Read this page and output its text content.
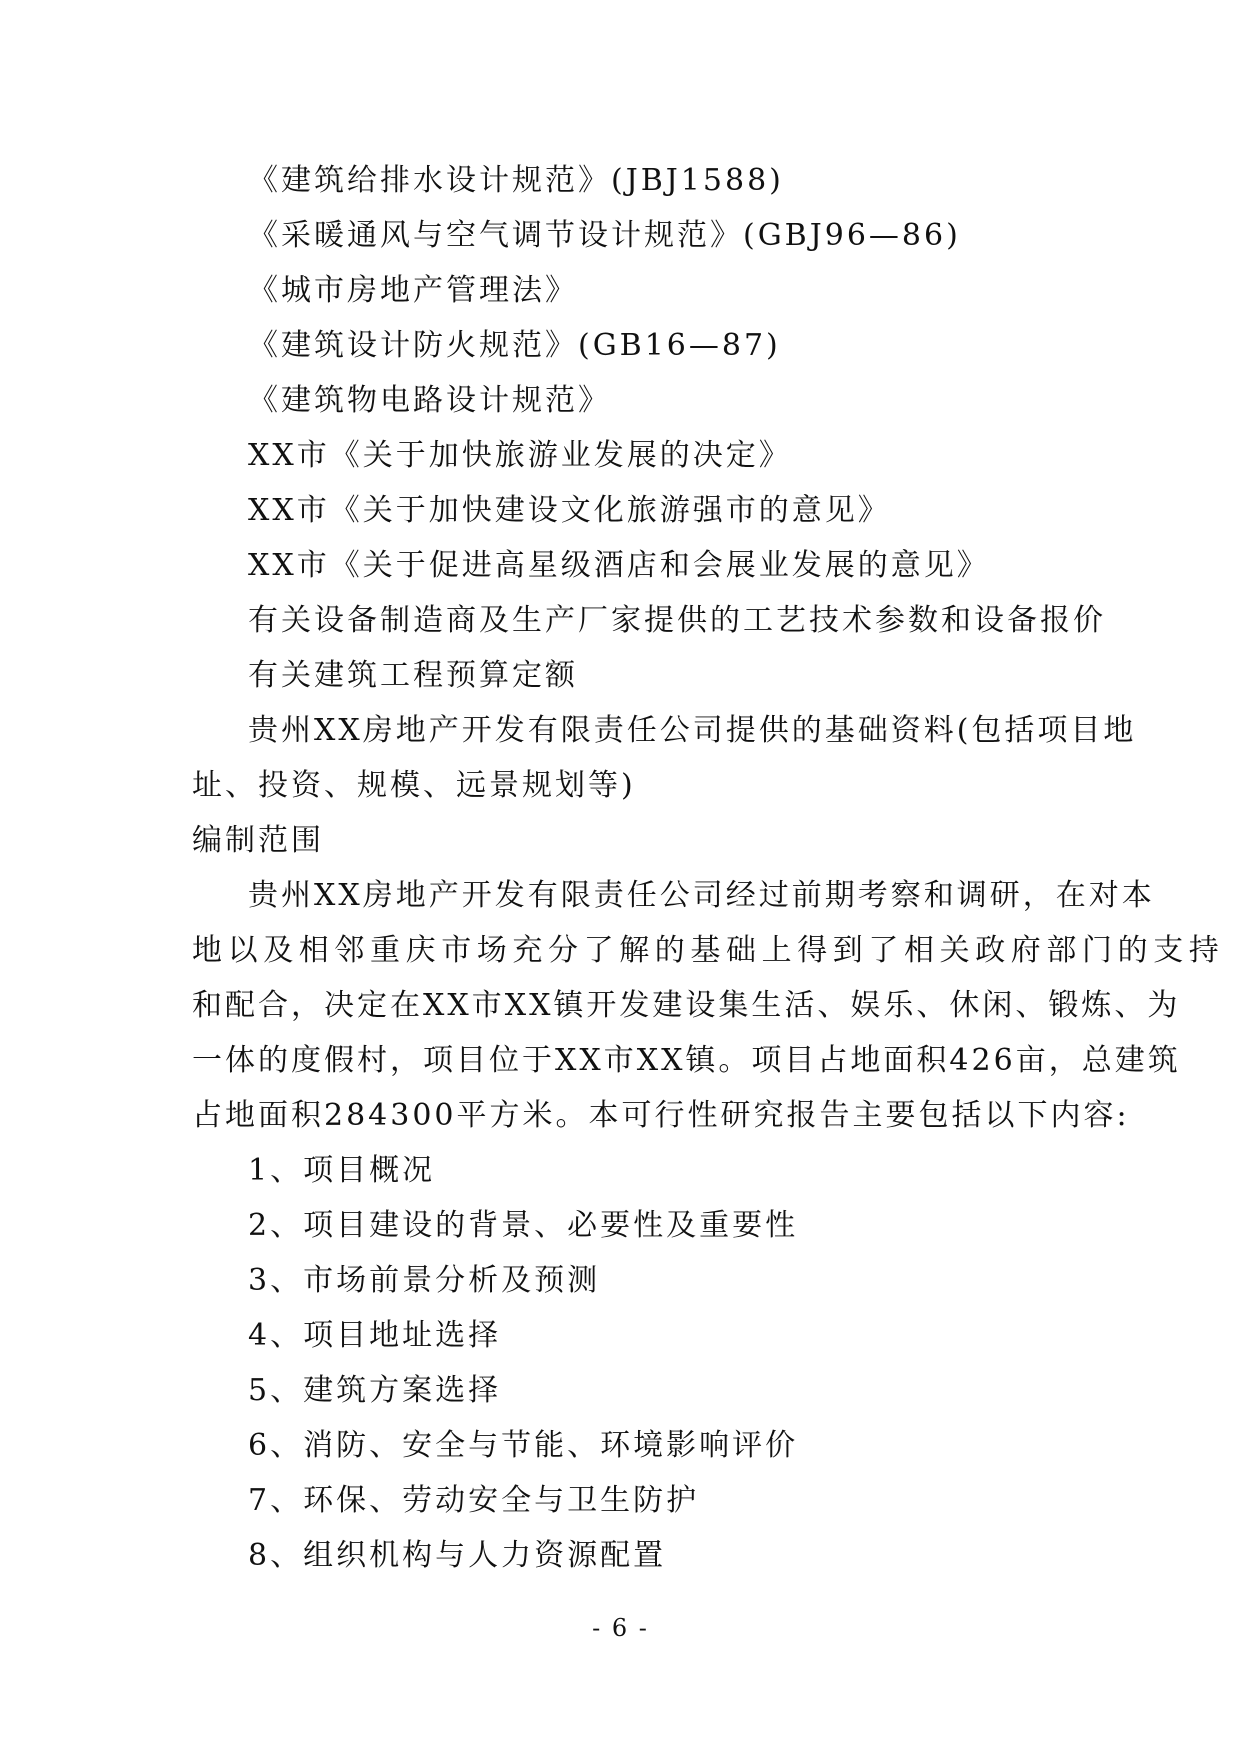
《建筑给排水设计规范》(JBJ1588)
《采暖通风与空气调节设计规范》(GBJ96—86)
《城市房地产管理法》
《建筑设计防火规范》(GB16—87)
《建筑物电路设计规范》
XX市《关于加快旅游业发展的决定》
XX市《关于加快建设文化旅游强市的意见》
XX市《关于促进高星级酒店和会展业发展的意见》
有关设备制造商及生产厂家提供的工艺技术参数和设备报价
有关建筑工程预算定额
贵州XX房地产开发有限责任公司提供的基础资料(包括项目地
址、投资、规模、远景规划等)
编制范围
贵州XX房地产开发有限责任公司经过前期考察和调研，在对本
地以及相邻重庆市场充分了解的基础上得到了相关政府部门的支持
和配合，决定在XX市XX镇开发建设集生活、娱乐、休闲、锻炼、为
一体的度假村，项目位于XX市XX镇。项目占地面积426亩，总建筑
占地面积284300平方米。本可行性研究报告主要包括以下内容:
1、项目概况
2、项目建设的背景、必要性及重要性
3、市场前景分析及预测
4、项目地址选择
5、建筑方案选择
6、消防、安全与节能、环境影响评价
7、环保、劳动安全与卫生防护
8、组织机构与人力资源配置
- 6 -
